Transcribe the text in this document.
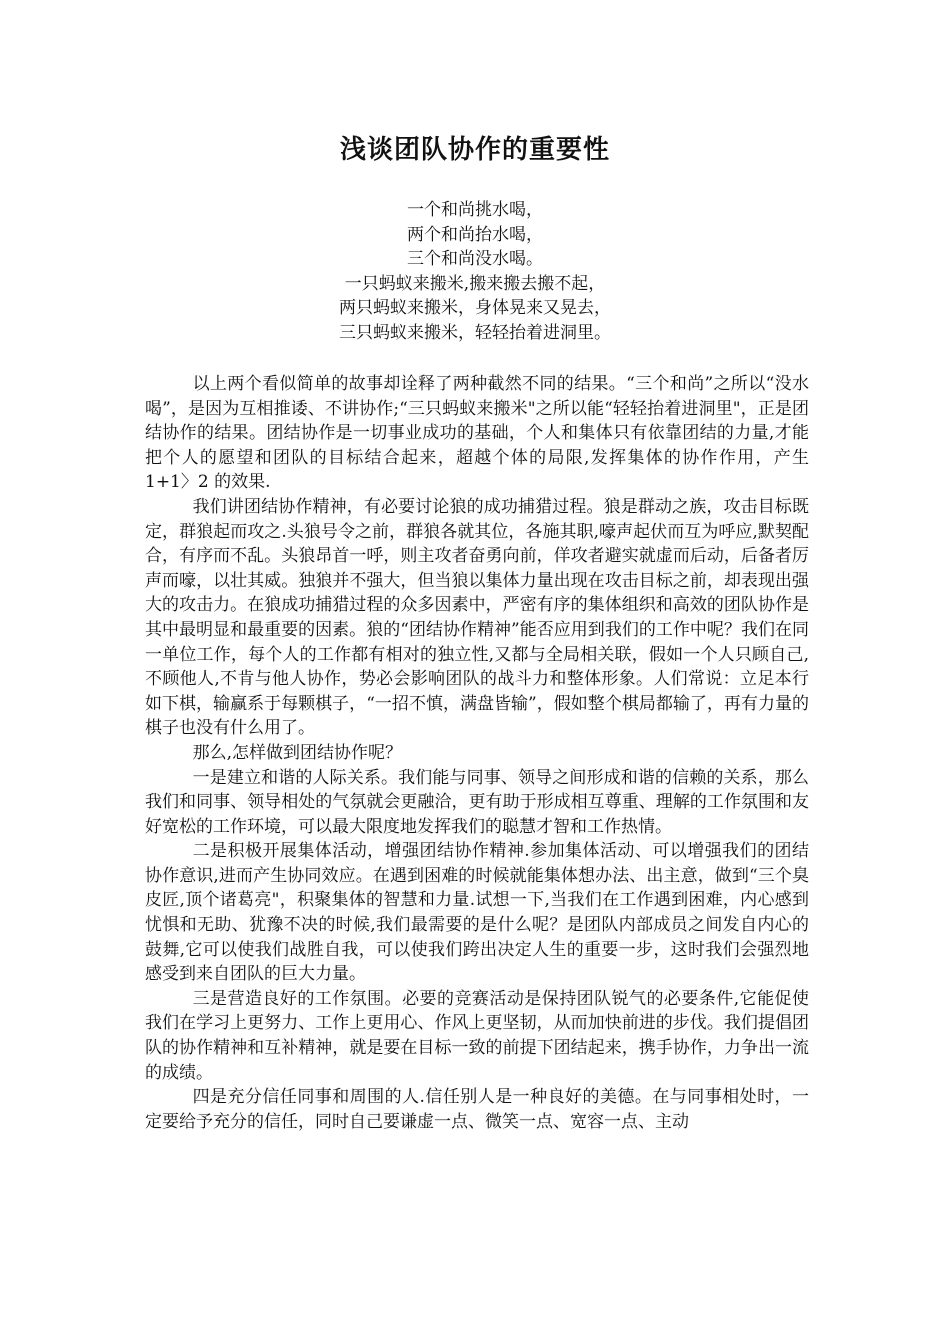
浅谈团队协作的重要性
一个和尚挑水喝，
两个和尚抬水喝，
三个和尚没水喝。
一只蚂蚁来搬米,搬来搬去搬不起，
两只蚂蚁来搬米，身体晃来又晃去，
三只蚂蚁来搬米，轻轻抬着进洞里。

以上两个看似简单的故事却诠释了两种截然不同的结果。“三个和尚”之所以“没水喝”，是因为互相推诿、不讲协作;“三只蚂蚁来搬米"之所以能“轻轻抬着进洞里"，正是团结协作的结果。团结协作是一切事业成功的基础，个人和集体只有依靠团结的力量,才能把个人的愿望和团队的目标结合起来，超越个体的局限,发挥集体的协作作用，产生 1+1〉2 的效果.

我们讲团结协作精神，有必要讨论狼的成功捕猎过程。狼是群动之族，攻击目标既定，群狼起而攻之.头狼号令之前，群狼各就其位，各施其职,嚎声起伏而互为呼应,默契配合，有序而不乱。头狼昂首一呼，则主攻者奋勇向前，佯攻者避实就虚而后动，后备者厉声而嚎，以壮其威。独狼并不强大，但当狼以集体力量出现在攻击目标之前，却表现出强大的攻击力。在狼成功捕猎过程的众多因素中，严密有序的集体组织和高效的团队协作是其中最明显和最重要的因素。狼的“团结协作精神”能否应用到我们的工作中呢？我们在同一单位工作，每个人的工作都有相对的独立性,又都与全局相关联，假如一个人只顾自己,不顾他人,不肯与他人协作，势必会影响团队的战斗力和整体形象。人们常说：立足本行如下棋，输赢系于每颗棋子，“一招不慎，满盘皆输”，假如整个棋局都输了，再有力量的棋子也没有什么用了。

那么,怎样做到团结协作呢？

一是建立和谐的人际关系。我们能与同事、领导之间形成和谐的信赖的关系，那么我们和同事、领导相处的气氛就会更融洽，更有助于形成相互尊重、理解的工作氛围和友好宽松的工作环境，可以最大限度地发挥我们的聪慧才智和工作热情。

二是积极开展集体活动，增强团结协作精神.参加集体活动、可以增强我们的团结协作意识,进而产生协同效应。在遇到困难的时候就能集体想办法、出主意，做到“三个臭皮匠,顶个诸葛亮"，积聚集体的智慧和力量.试想一下,当我们在工作遇到困难，内心感到忧惧和无助、犹豫不决的时候,我们最需要的是什么呢？是团队内部成员之间发自内心的鼓舞,它可以使我们战胜自我，可以使我们跨出决定人生的重要一步，这时我们会强烈地感受到来自团队的巨大力量。

三是营造良好的工作氛围。必要的竞赛活动是保持团队锐气的必要条件,它能促使我们在学习上更努力、工作上更用心、作风上更坚韧，从而加快前进的步伐。我们提倡团队的协作精神和互补精神，就是要在目标一致的前提下团结起来，携手协作，力争出一流的成绩。

四是充分信任同事和周围的人.信任别人是一种良好的美德。在与同事相处时，一定要给予充分的信任，同时自己要谦虚一点、微笑一点、宽容一点、主动
